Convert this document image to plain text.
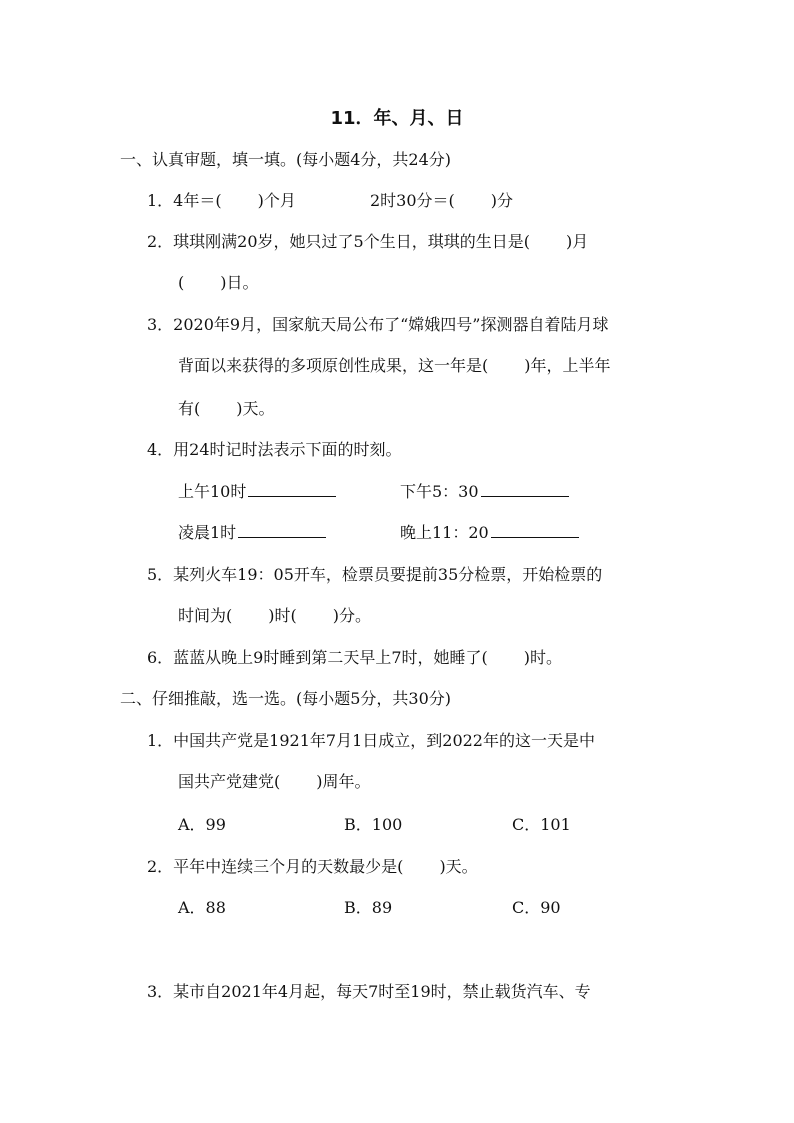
11．年、月、日
一、认真审题，填一填。(每小题4分，共24分)
1．4年＝( )个月	2时30分＝( )分
2．琪琪刚满20岁，她只过了5个生日，琪琪的生日是( )月
( )日。
3．2020年9月，国家航天局公布了“嫦娥四号”探测器自着陆月球
背面以来获得的多项原创性成果，这一年是( )年，上半年
有( )天。
4．用24时记时法表示下面的时刻。
上午10时	下午5：30
凌晨1时	晚上11：20
5．某列火车19：05开车，检票员要提前35分检票，开始检票的
时间为( )时( )分。
6．蓝蓝从晚上9时睡到第二天早上7时，她睡了( )时。
二、仔细推敲，选一选。(每小题5分，共30分)
1．中国共产党是1921年7月1日成立，到2022年的这一天是中
国共产党建党( )周年。
A．99	B．100	C．101
2．平年中连续三个月的天数最少是( )天。
A．88	B．89	C．90
3．某市自2021年4月起，每天7时至19时，禁止载货汽车、专
